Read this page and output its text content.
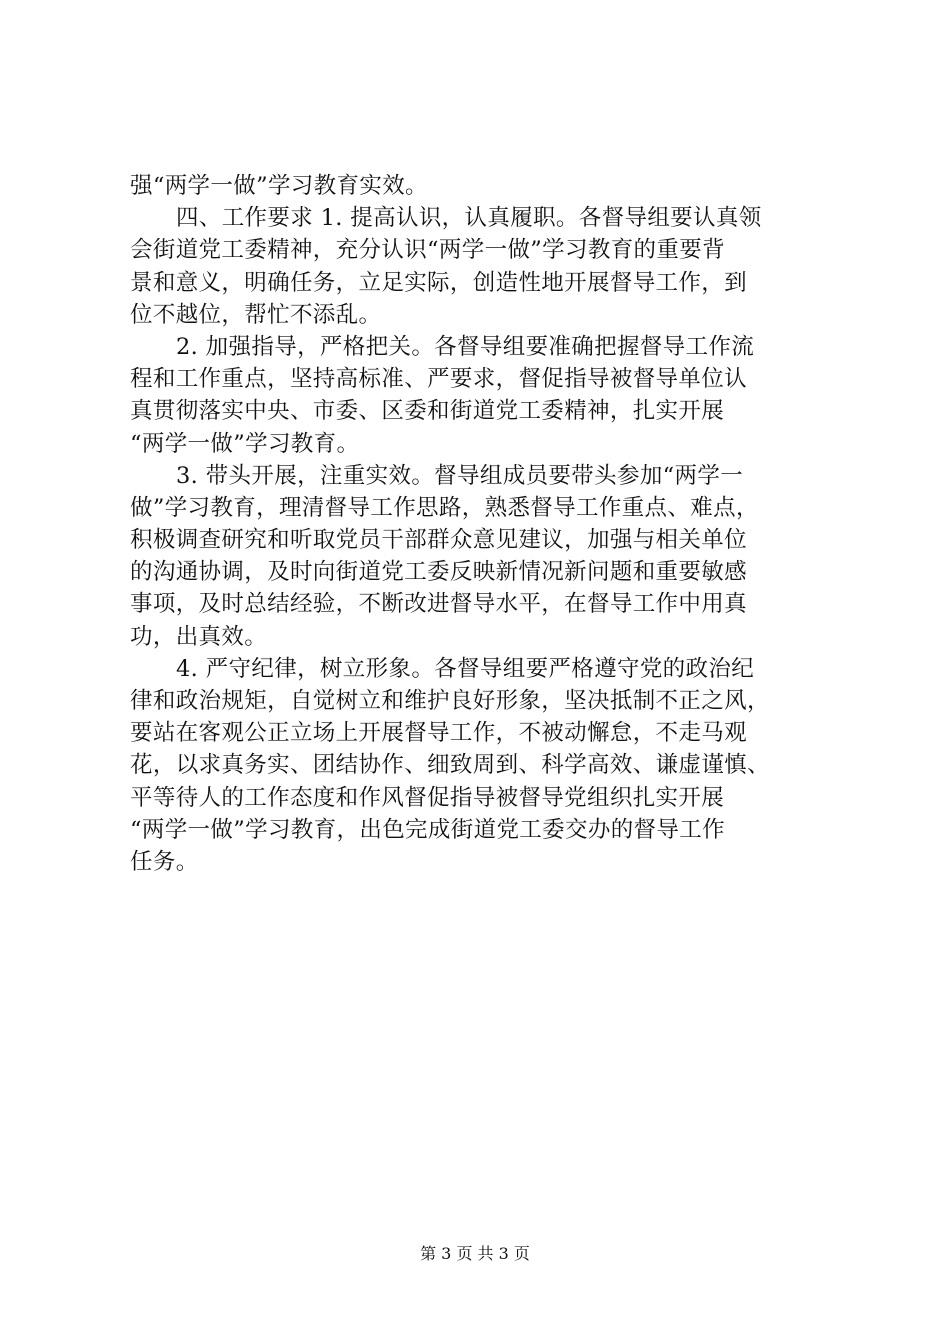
强“两学一做”学习教育实效。
四、工作要求 1. 提高认识，认真履职。各督导组要认真领
会街道党工委精神，充分认识“两学一做”学习教育的重要背
景和意义，明确任务，立足实际，创造性地开展督导工作，到
位不越位，帮忙不添乱。
2. 加强指导，严格把关。各督导组要准确把握督导工作流
程和工作重点，坚持高标准、严要求，督促指导被督导单位认
真贯彻落实中央、市委、区委和街道党工委精神，扎实开展
“两学一做”学习教育。
3. 带头开展，注重实效。督导组成员要带头参加“两学一
做”学习教育，理清督导工作思路，熟悉督导工作重点、难点，
积极调查研究和听取党员干部群众意见建议，加强与相关单位
的沟通协调，及时向街道党工委反映新情况新问题和重要敏感
事项，及时总结经验，不断改进督导水平，在督导工作中用真
功，出真效。
4. 严守纪律，树立形象。各督导组要严格遵守党的政治纪
律和政治规矩，自觉树立和维护良好形象，坚决抵制不正之风，
要站在客观公正立场上开展督导工作，不被动懈怠，不走马观
花，以求真务实、团结协作、细致周到、科学高效、谦虚谨慎、
平等待人的工作态度和作风督促指导被督导党组织扎实开展
“两学一做”学习教育，出色完成街道党工委交办的督导工作
任务。
第 3 页 共 3 页
